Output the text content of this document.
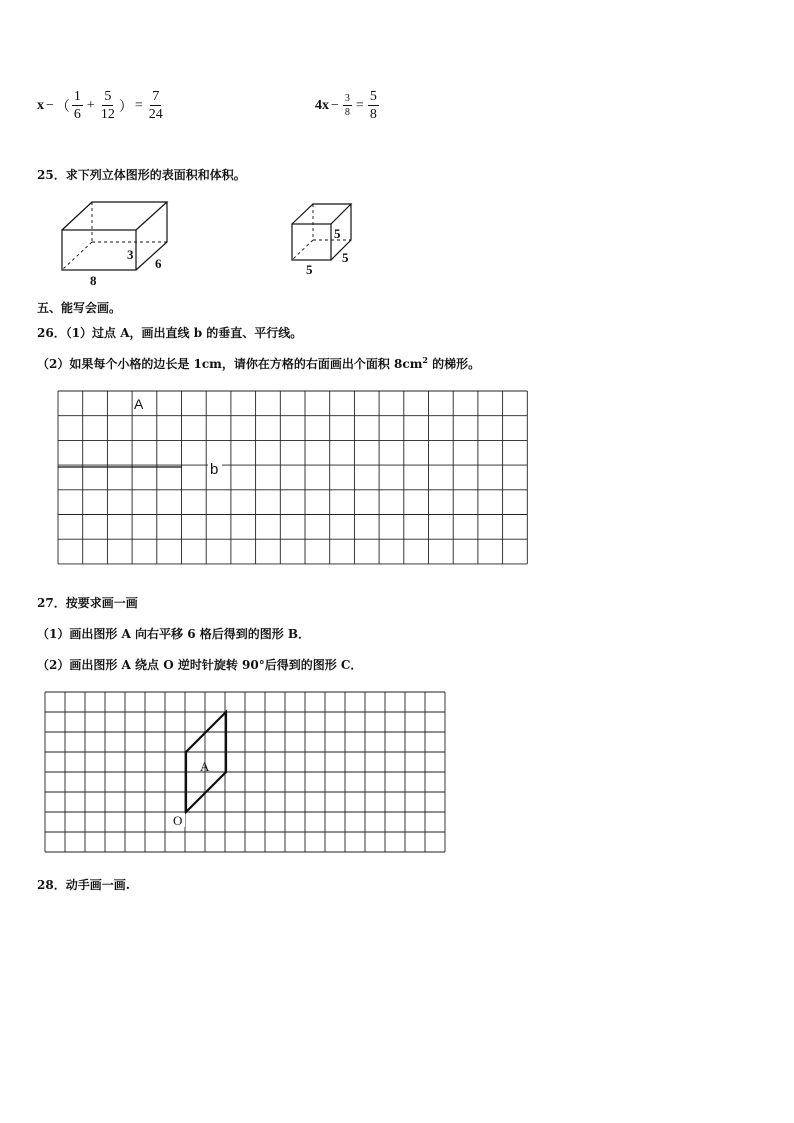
x − （ $\frac{1}{6} + \frac{5}{12}$ ） = $\frac{7}{24}$	$4x - \frac{3}{8} = \frac{5}{8}$
25．求下列立体图形的表面积和体积。
8
6
3
5
5
5
五、能写会画。
26．（1）过点 A，画出直线 b 的垂直、平行线。
（2）如果每个小格的边长是 1cm，请你在方格的右面画出个面积 $8cm^2$ 的梯形。
A
b
27．按要求画一画
（1）画出图形 A 向右平移 6 格后得到的图形 B．
（2）画出图形 A 绕点 O 逆时针旋转 90°后得到的图形 C．
A
O
28．动手画一画.
